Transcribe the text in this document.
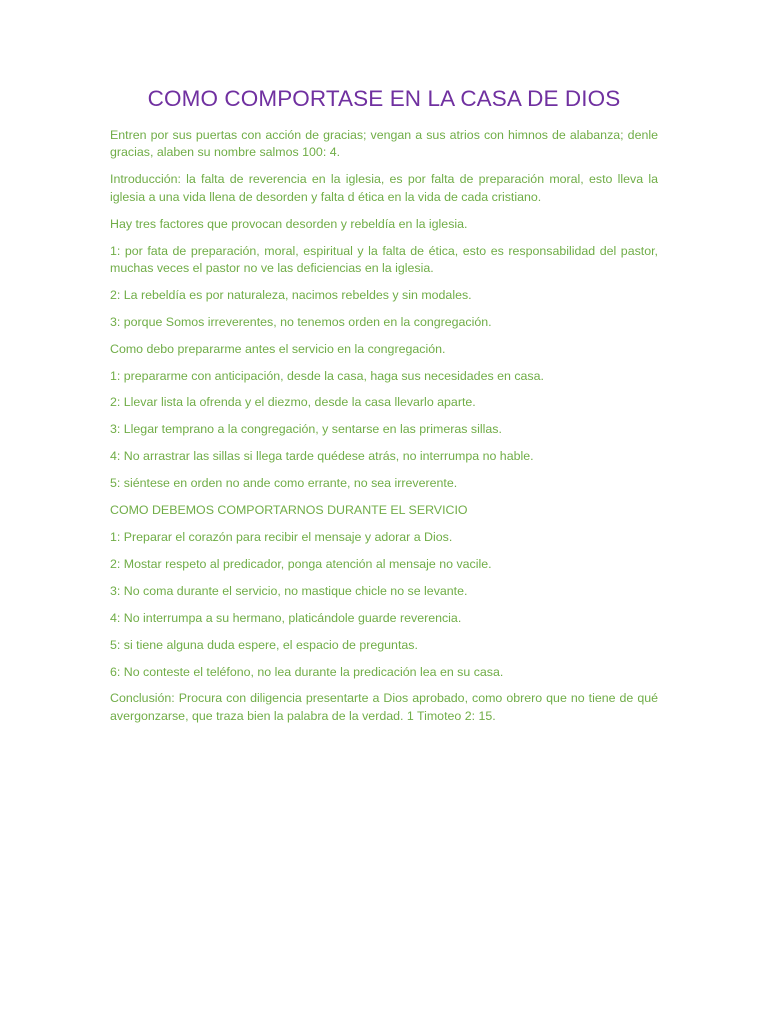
COMO COMPORTASE EN LA CASA DE DIOS

Entren por sus puertas con acción de gracias; vengan a sus atrios con himnos de alabanza; denle gracias, alaben su nombre salmos 100: 4.

Introducción: la falta de reverencia en la iglesia, es por falta de preparación moral, esto lleva la iglesia a una vida llena de desorden y falta d ética en la vida de cada cristiano.

Hay tres factores que provocan desorden y rebeldía en la iglesia.

1: por fata de preparación, moral, espiritual y la falta de ética, esto es responsabilidad del pastor, muchas veces el pastor no ve las deficiencias en la iglesia.

2: La rebeldía es por naturaleza, nacimos rebeldes y sin modales.

3: porque Somos irreverentes, no tenemos orden en la congregación.

Como debo prepararme antes el servicio en la congregación.

1: prepararme con anticipación, desde la casa, haga sus necesidades en casa.

2: Llevar lista la ofrenda y el diezmo, desde la casa llevarlo aparte.

3: Llegar temprano a la congregación, y sentarse en las primeras sillas.

4: No arrastrar las sillas si llega tarde quédese atrás, no interrumpa no hable.

5: siéntese en orden no ande como errante, no sea irreverente.

COMO DEBEMOS COMPORTARNOS DURANTE EL SERVICIO

1: Preparar el corazón para recibir el mensaje y adorar a Dios.

2: Mostar respeto al predicador, ponga atención al mensaje no vacile.

3: No coma durante el servicio, no mastique chicle no se levante.

4: No interrumpa a su hermano, platicándole guarde reverencia.

5: si tiene alguna duda espere, el espacio de preguntas.

6: No conteste el teléfono, no lea durante la predicación lea en su casa.

Conclusión: Procura con diligencia presentarte a Dios aprobado, como obrero que no tiene de qué avergonzarse, que traza bien la palabra de la verdad. 1 Timoteo 2: 15.
